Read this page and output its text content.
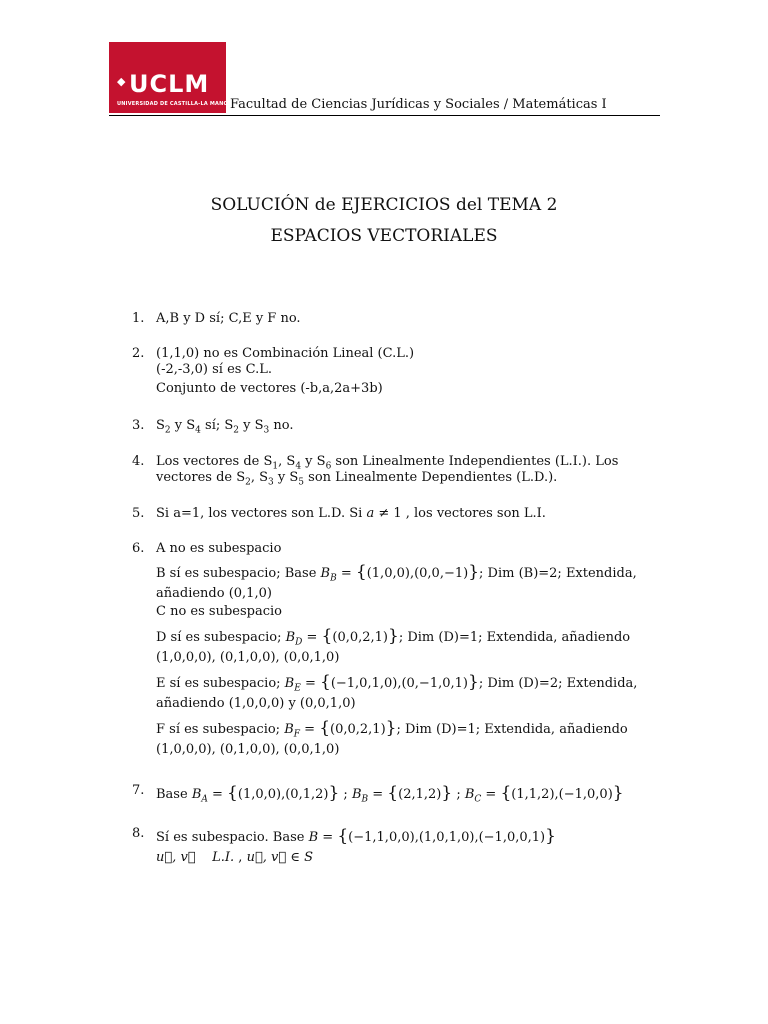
◆ UCLM
UNIVERSIDAD DE CASTILLA-LA MANCHA
Facultad de Ciencias Jurídicas y Sociales / Matemáticas I
SOLUCIÓN de EJERCICIOS del TEMA 2
ESPACIOS VECTORIALES
1. A,B y D sí; C,E y F no.
2. (1,1,0) no es Combinación Lineal (C.L.)
(-2,-3,0) sí es C.L.
Conjunto de vectores (-b,a,2a+3b)
3. $S_2$ y $S_4$ sí; $S_2$ y $S_3$ no.
4. Los vectores de $S_1$, $S_4$ y $S_6$ son Linealmente Independientes (L.I.). Los
vectores de $S_2$, $S_3$ y $S_5$ son Linealmente Dependientes (L.D.).
5. Si a=1, los vectores son L.D. Si a ≠ 1 , los vectores son L.I.
6. A no es subespacio
B sí es subespacio; Base $B_B = \{(1,0,0),(0,0,-1)\}$; Dim (B)=2; Extendida,
añadiendo (0,1,0)
C no es subespacio
D sí es subespacio; $B_D = \{(0,0,2,1)\}$; Dim (D)=1; Extendida, añadiendo
(1,0,0,0), (0,1,0,0), (0,0,1,0)
E sí es subespacio; $B_E = \{(-1,0,1,0),(0,-1,0,1)\}$; Dim (D)=2; Extendida,
añadiendo (1,0,0,0) y (0,0,1,0)
F sí es subespacio; $B_F = \{(0,0,2,1)\}$; Dim (D)=1; Extendida, añadiendo
(1,0,0,0), (0,1,0,0), (0,0,1,0)
7. Base $B_A = \{(1,0,0),(0,1,2)\}$ ; $B_B = \{(2,1,2)\}$ ; $B_C = \{(1,1,2),(-1,0,0)\}$
8. Sí es subespacio. Base B = {(−1,1,0,0),(1,0,1,0),(−1,0,0,1)}
u⃗, v⃗ L.I. , u⃗, v⃗ ∈ S
